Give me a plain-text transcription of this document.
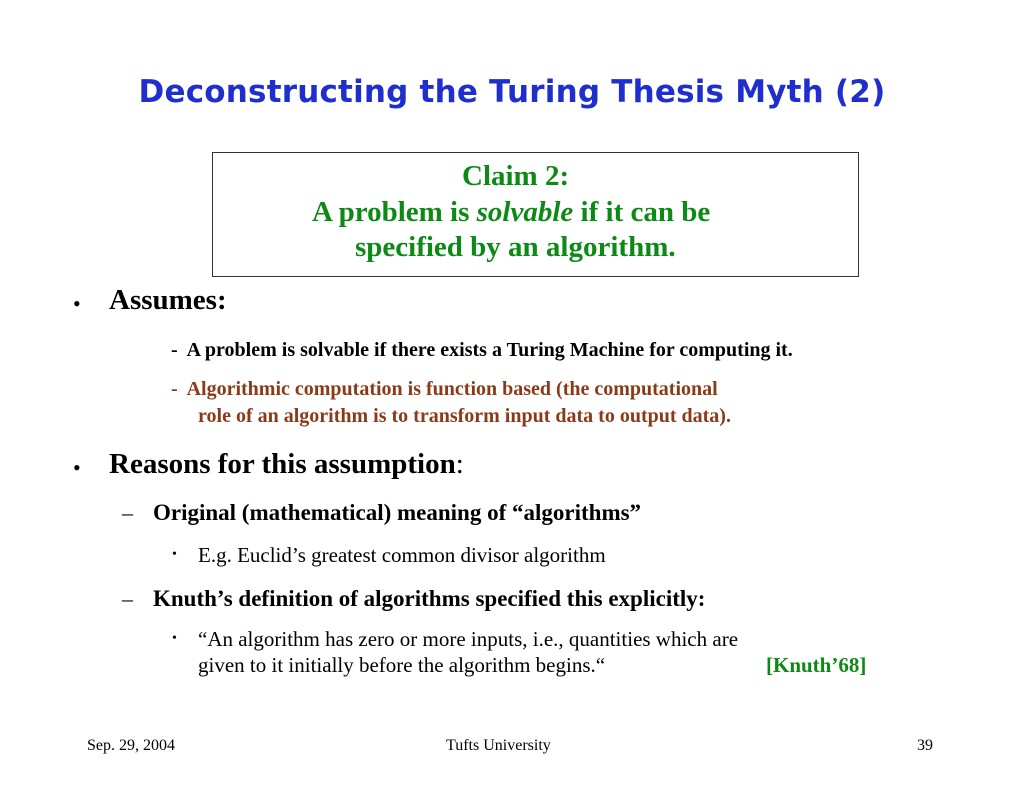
Deconstructing the Turing Thesis Myth (2)
Claim 2:
A problem is solvable if it can be
specified by an algorithm.
• Assumes:
- A problem is solvable if there exists a Turing Machine for computing it.
- Algorithmic computation is function based (the computational
role of an algorithm is to transform input data to output data).
• Reasons for this assumption:
– Original (mathematical) meaning of “algorithms”
• E.g. Euclid’s greatest common divisor algorithm
– Knuth’s definition of algorithms specified this explicitly:
• “An algorithm has zero or more inputs, i.e., quantities which are
given to it initially before the algorithm begins.“	[Knuth’68]
Sep. 29, 2004	Tufts University	39
